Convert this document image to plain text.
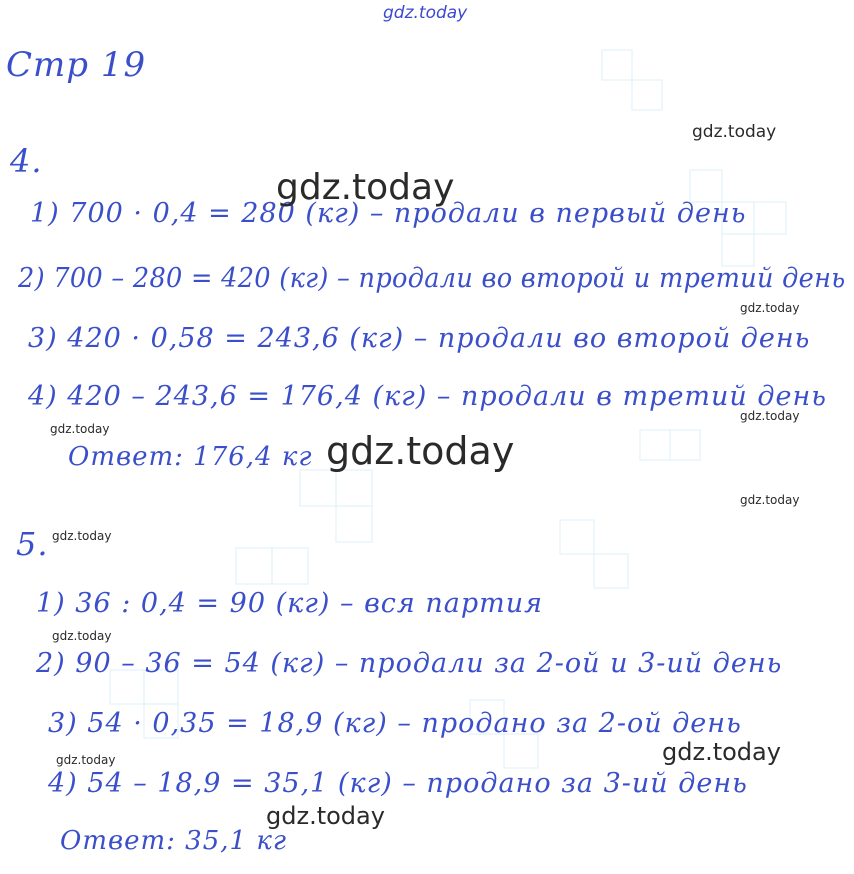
gdz.today
Стр 19
4.
1) 700 · 0,4 = 280 (кг) – продали в первый день
2) 700 – 280 = 420 (кг) – продали во второй и третий день
3) 420 · 0,58 = 243,6 (кг) – продали во второй день
4) 420 – 243,6 = 176,4 (кг) – продали в третий день
Ответ: 176,4 кг
5.
1) 36 : 0,4 = 90 (кг) – вся партия
2) 90 – 36 = 54 (кг) – продали за 2-ой и 3-ий день
3) 54 · 0,35 = 18,9 (кг) – продано за 2-ой день
4) 54 – 18,9 = 35,1 (кг) – продано за 3-ий день
Ответ: 35,1 кг
gdz.today
gdz.today
gdz.today
gdz.today
gdz.today	gdz.today
gdz.today
gdz.today
gdz.today
gdz.today
gdz.today
gdz.today
